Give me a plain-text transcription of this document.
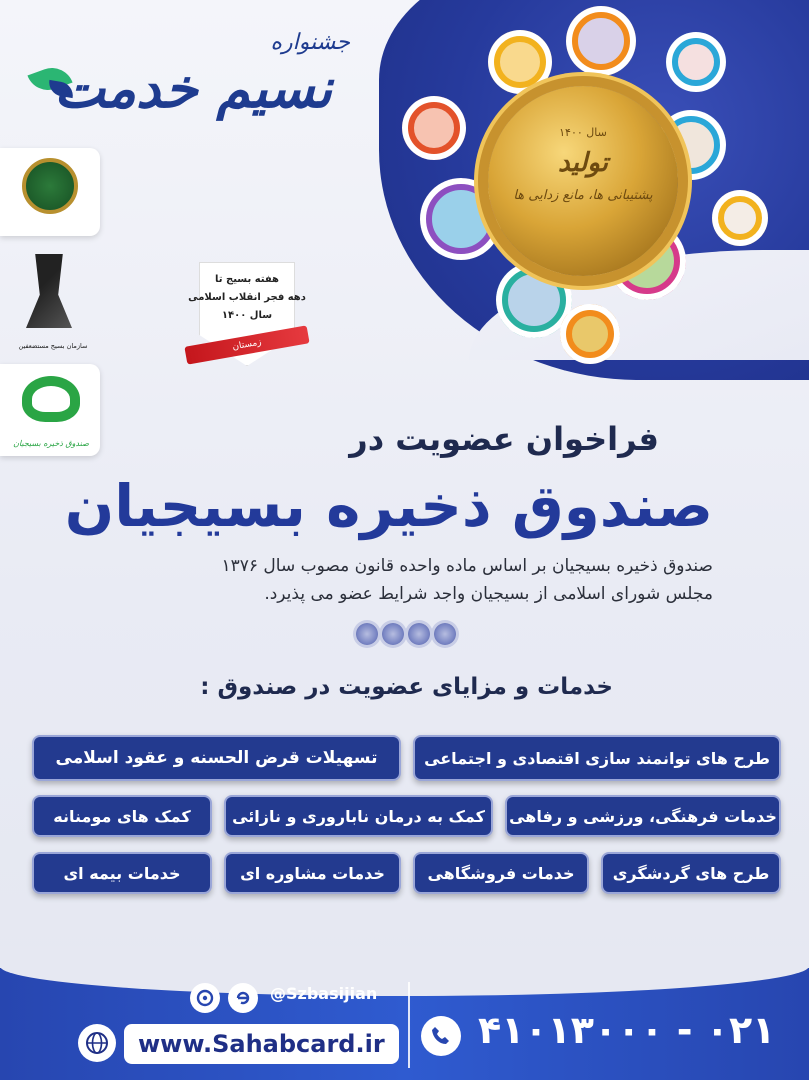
جشنواره
نسیم خدمت
سازمان بسیج مستضعفین
صندوق ذخیره بسیجیان
تولید
پشتیبانی ها، مانع زدایی ها
سال ۱۴۰۰
هفته بسیج تا
دهه فجر انقلاب اسلامی
سال ۱۴۰۰
زمستان
فراخوان عضویت در
صندوق ذخیره بسیجیان
صندوق ذخیره بسیجیان بر اساس ماده واحده قانون مصوب سال ۱۳۷۶
مجلس شورای اسلامی از بسیجیان واجد شرایط عضو می پذیرد.
خدمات و مزایای عضویت در صندوق :
طرح های توانمند سازی اقتصادی و اجتماعی
تسهیلات قرض الحسنه و عقود اسلامی
خدمات فرهنگی، ورزشی و رفاهی
کمک به درمان ناباروری و نازائی
کمک های مومنانه
طرح های گردشگری
خدمات فروشگاهی
خدمات مشاوره ای
خدمات بیمه ای
@Szbasijian
www.Sahabcard.ir ۰۲۱ - ۴۱۰۱۳۰۰۰
